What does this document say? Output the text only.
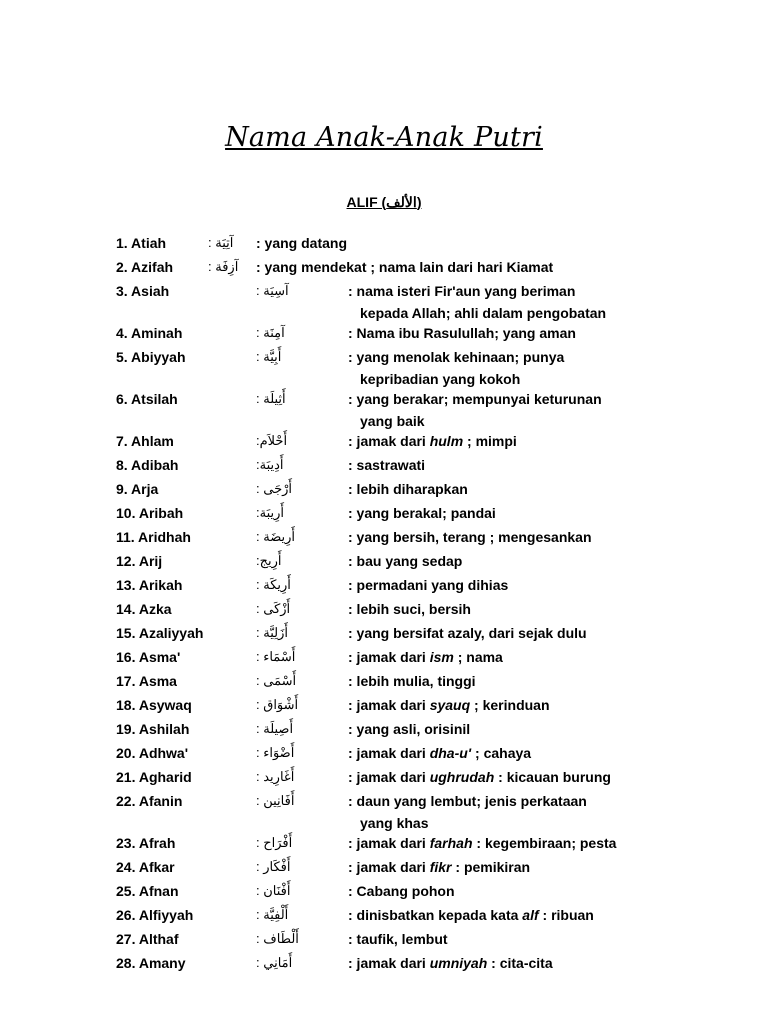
Nama Anak-Anak Putri
ALIF (الألف)
1. Atiah	: آتِيَة : yang datang
2. Azifah	: آزِفَة : yang mendekat ; nama lain dari hari Kiamat
3. Asiah	: آسِيَة	: nama isteri Fir'aun yang beriman
kepada Allah; ahli dalam pengobatan
4. Aminah	: آمِنَة	: Nama ibu Rasulullah; yang aman
5. Abiyyah	: أَبِيَّة	: yang menolak kehinaan; punya
kepribadian yang kokoh
6. Atsilah	: أَثِيلَة	: yang berakar; mempunyai keturunan
yang baik
7. Ahlam	:أَحْلاَم	: jamak dari hulm ; mimpi
8. Adibah	:أَدِيبَة	: sastrawati
9. Arja	: أَرْجَى	: lebih diharapkan
10. Aribah	:أَرِيبَة	: yang berakal; pandai
11. Aridhah	: أَرِيضَة	: yang bersih, terang ; mengesankan
12. Arij	:أَرِيج	: bau yang sedap
13. Arikah	: أَرِيكَة	: permadani yang dihias
14. Azka	: أَزْكَى	: lebih suci, bersih
15. Azaliyyah	: أَزَلِيَّة	: yang bersifat azaly, dari sejak dulu
16. Asma'	: أَسْمَاء	: jamak dari ism ; nama
17. Asma	: أَسْمَى	: lebih mulia, tinggi
18. Asywaq	: أَشْوَاق	: jamak dari syauq ; kerinduan
19. Ashilah	: أَصِيلَة	: yang asli, orisinil
20. Adhwa'	: أَضْوَاء	: jamak dari dha-u' ; cahaya
21. Agharid	: أَغَارِيد	: jamak dari ughrudah : kicauan burung
22. Afanin	: أَفَانِين	: daun yang lembut; jenis perkataan
yang khas
23. Afrah	: أَفْرَاح	: jamak dari farhah : kegembiraan; pesta
24. Afkar	: أَفْكَار	: jamak dari fikr : pemikiran
25. Afnan	: أَفْنَان	: Cabang pohon
26. Alfiyyah	: أَلْفِيَّة	: dinisbatkan kepada kata alf : ribuan
27. Althaf	: أَلْطَاف	: taufik, lembut
28. Amany	: أَمَانِي	: jamak dari umniyah : cita-cita
